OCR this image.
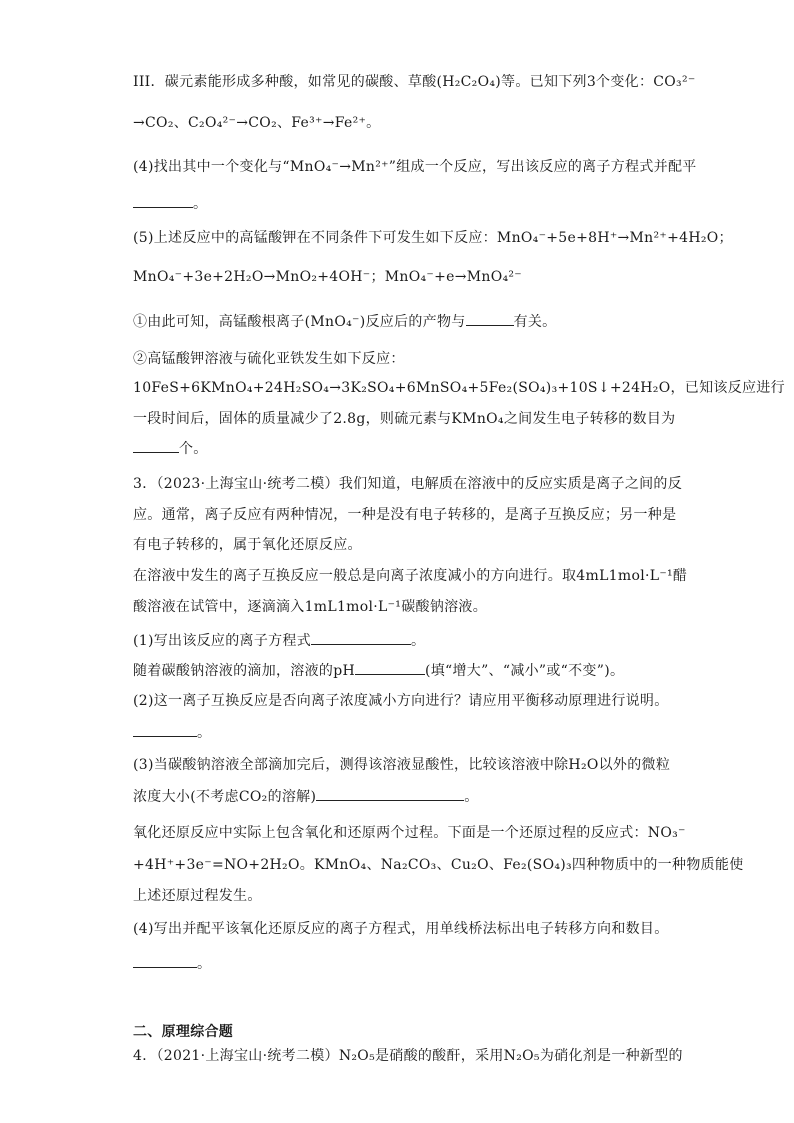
III．碳元素能形成多种酸，如常见的碳酸、草酸(H₂C₂O₄)等。已知下列3个变化：CO₃²⁻
→CO₂、C₂O₄²⁻→CO₂、Fe³⁺→Fe²⁺。
(4)找出其中一个变化与“MnO₄⁻→Mn²⁺”组成一个反应，写出该反应的离子方程式并配平
。
(5)上述反应中的高锰酸钾在不同条件下可发生如下反应：MnO₄⁻+5e+8H⁺→Mn²⁺+4H₂O；
MnO₄⁻+3e+2H₂O→MnO₂+4OH⁻；MnO₄⁻+e→MnO₄²⁻
①由此可知，高锰酸根离子(MnO₄⁻)反应后的产物与	有关。
②高锰酸钾溶液与硫化亚铁发生如下反应：
10FeS+6KMnO₄+24H₂SO₄→3K₂SO₄+6MnSO₄+5Fe₂(SO₄)₃+10S↓+24H₂O，已知该反应进行
一段时间后，固体的质量减少了2.8g，则硫元素与KMnO₄之间发生电子转移的数目为
个。
3．（2023·上海宝山·统考二模）我们知道，电解质在溶液中的反应实质是离子之间的反
应。通常，离子反应有两种情况，一种是没有电子转移的，是离子互换反应；另一种是
有电子转移的，属于氧化还原反应。
在溶液中发生的离子互换反应一般总是向离子浓度减小的方向进行。取4mL1mol·L⁻¹醋
酸溶液在试管中，逐滴滴入1mL1mol·L⁻¹碳酸钠溶液。
(1)写出该反应的离子方程式	。
随着碳酸钠溶液的滴加，溶液的pH	(填“增大”、“减小”或“不变”)。
(2)这一离子互换反应是否向离子浓度减小方向进行？请应用平衡移动原理进行说明。
。
(3)当碳酸钠溶液全部滴加完后，测得该溶液显酸性，比较该溶液中除H₂O以外的微粒
浓度大小(不考虑CO₂的溶解)	。
氧化还原反应中实际上包含氧化和还原两个过程。下面是一个还原过程的反应式：NO₃⁻
+4H⁺+3e⁻=NO+2H₂O。KMnO₄、Na₂CO₃、Cu₂O、Fe₂(SO₄)₃四种物质中的一种物质能使
上述还原过程发生。
(4)写出并配平该氧化还原反应的离子方程式，用单线桥法标出电子转移方向和数目。
。
二、原理综合题
4．（2021·上海宝山·统考二模）N₂O₅是硝酸的酸酐，采用N₂O₅为硝化剂是一种新型的
